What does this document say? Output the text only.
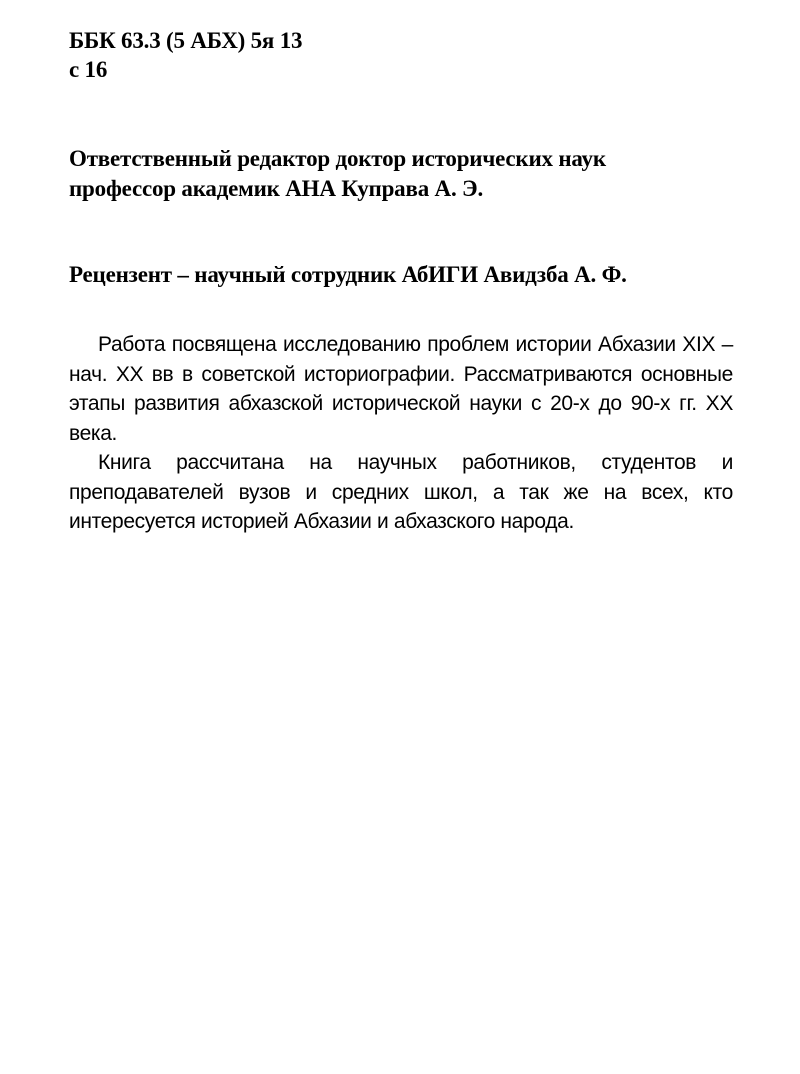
ББК 63.3 (5 АБХ) 5я 13
с 16
Ответственный редактор доктор исторических наук
профессор академик АНА Куправа А. Э.
Рецензент – научный сотрудник АбИГИ Авидзба А. Ф.

Работа посвящена исследованию проблем истории Абхазии XIX – нач. XX вв в советской историографии. Рассматриваются основные этапы развития абхазской исторической науки с 20-х до 90-х гг. XX века.

Книга рассчитана на научных работников, студентов и преподавателей вузов и средних школ, а так же на всех, кто интересуется историей Абхазии и абхазского народа.
